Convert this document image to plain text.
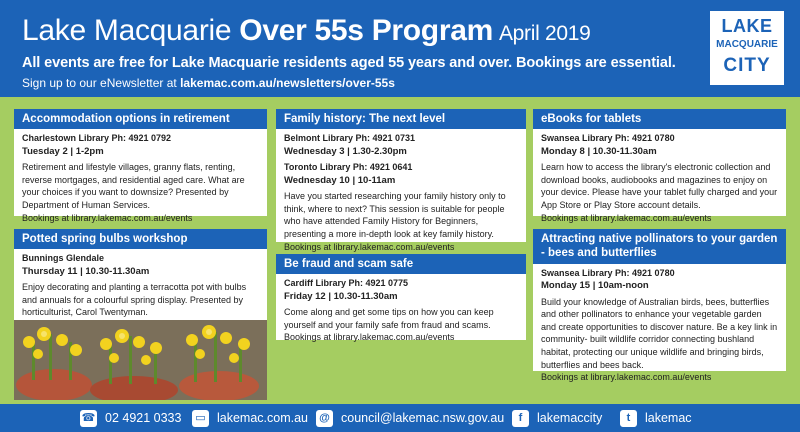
Lake Macquarie Over 55s Program April 2019
All events are free for Lake Macquarie residents aged 55 years and over. Bookings are essential.
Sign up to our eNewsletter at lakemac.com.au/newsletters/over-55s
LAKE
MACQUARIE
CITY
Accommodation options in retirement
Charlestown Library Ph: 4921 0792
Tuesday 2 | 1-2pm
Retirement and lifestyle villages, granny flats, renting, reverse mortgages, and residential aged care. What are your choices if you want to downsize? Presented by Department of Human Services.
Bookings at library.lakemac.com.au/events
Potted spring bulbs workshop
Bunnings Glendale
Thursday 11 | 10.30-11.30am
Enjoy decorating and planting a terracotta pot with bulbs and annuals for a colourful spring display. Presented by horticulturist, Carol Twentyman.
Family history: The next level
Belmont Library Ph: 4921 0731
Wednesday 3 | 1.30-2.30pm
Toronto Library Ph: 4921 0641
Wednesday 10 | 10-11am
Have you started researching your family history only to think, where to next? This session is suitable for people who have attended Family History for Beginners, presenting a more in-depth look at key family history.
Bookings at library.lakemac.com.au/events
Be fraud and scam safe
Cardiff Library Ph: 4921 0775
Friday 12 | 10.30-11.30am
Come along and get some tips on how you can keep yourself and your family safe from fraud and scams.
Bookings at library.lakemac.com.au/events
eBooks for tablets
Swansea Library Ph: 4921 0780
Monday 8 | 10.30-11.30am
Learn how to access the library's electronic collection and download books, audiobooks and magazines to enjoy on your device. Please have your tablet fully charged and your App Store or Play Store account details.
Bookings at library.lakemac.com.au/events
Attracting native pollinators to your garden - bees and butterflies
Swansea Library Ph: 4921 0780
Monday 15 | 10am-noon
Build your knowledge of Australian birds, bees, butterflies and other pollinators to enhance your vegetable garden and create opportunities to discover nature. Be a key link in community- built wildlife corridor connecting bushland habitat, protecting our unique wildlife and bringing birds, butterflies and bees back.
Bookings at library.lakemac.com.au/events
☎ 02 4921 0333 ▭ lakemac.com.au @ council@lakemac.nsw.gov.au	f lakemaccity	t lakemac
